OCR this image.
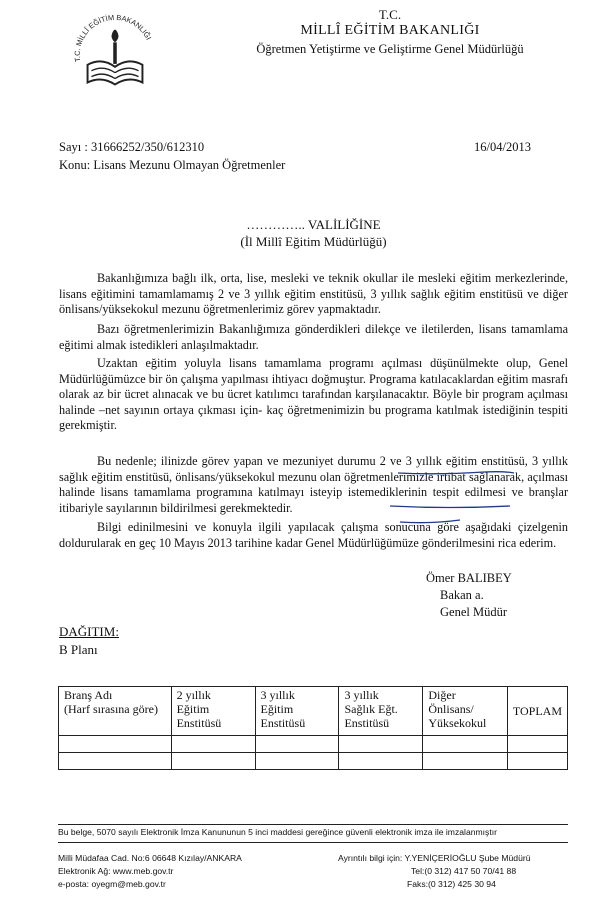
T.C. MİLLÎ EĞİTİM BAKANLIĞI
T.C.
MİLLÎ EĞİTİM BAKANLIĞI
Öğretmen Yetiştirme ve Geliştirme Genel Müdürlüğü
Sayı : 31666252/350/612310	16/04/2013
Konu: Lisans Mezunu Olmayan Öğretmenler
………….. VALİLİĞİNE
(İl Millî Eğitim Müdürlüğü)

Bakanlığımıza bağlı ilk, orta, lise, mesleki ve teknik okullar ile mesleki eğitim merkezlerinde, lisans eğitimini tamamlamamış 2 ve 3 yıllık eğitim enstitüsü, 3 yıllık sağlık eğitim enstitüsü ve diğer önlisans/yüksekokul mezunu öğretmenlerimiz görev yapmaktadır.

Bazı öğretmenlerimizin Bakanlığımıza gönderdikleri dilekçe ve iletilerden, lisans tamamlama eğitimi almak istedikleri anlaşılmaktadır.

Uzaktan eğitim yoluyla lisans tamamlama programı açılması düşünülmekte olup, Genel Müdürlüğümüzce bir ön çalışma yapılması ihtiyacı doğmuştur. Programa katılacaklardan eğitim masrafı olarak az bir ücret alınacak ve bu ücret katılımcı tarafından karşılanacaktır. Böyle bir program açılması halinde –net sayının ortaya çıkması için- kaç öğretmenimizin bu programa katılmak istediğinin tespiti gerekmiştir.

Bu nedenle; ilinizde görev yapan ve mezuniyet durumu 2 ve 3 yıllık eğitim enstitüsü, 3 yıllık sağlık eğitim enstitüsü, önlisans/yüksekokul mezunu olan öğretmenlerimizle irtibat sağlanarak, açılması halinde lisans tamamlama programına katılmayı isteyip istemediklerinin tespit edilmesi ve branşlar itibariyle sayılarının bildirilmesi gerekmektedir.

Bilgi edinilmesini ve konuyla ilgili yapılacak çalışma sonucuna göre aşağıdaki çizelgenin doldurularak en geç 10 Mayıs 2013 tarihine kadar Genel Müdürlüğümüze gönderilmesini rica ederim.

Ömer BALIBEY
Bakan a.
Genel Müdür
DAĞITIM:
B Planı
Branş Adı
(Harf sırasına göre)	2 yıllık
Eğitim
Enstitüsü	3 yıllık
Eğitim
Enstitüsü	3 yıllık
Sağlık Eğt.
Enstitüsü	Diğer
Önlisans/
Yüksekokul	TOPLAM

Bu belge, 5070 sayılı Elektronik İmza Kanununun 5 inci maddesi gereğince güvenli elektronik imza ile imzalanmıştır
Milli Müdafaa Cad. No:6 06648 Kızılay/ANKARA
Elektronik Ağ: www.meb.gov.tr
e-posta: oyegm@meb.gov.tr
Ayrıntılı bilgi için: Y.YENİÇERİOĞLU Şube Müdürü
Tel:(0 312) 417 50 70/41 88
Faks:(0 312) 425 30 94
